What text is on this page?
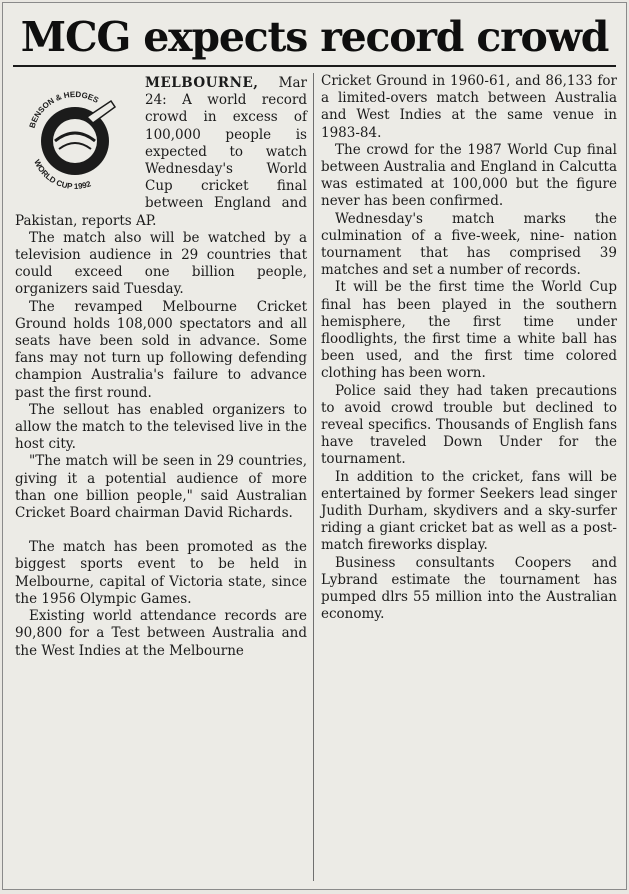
MCG expects record crowd
BENSON & HEDGES
WORLD CUP 1992

MELBOURNE, Mar 24: A world record crowd in excess of 100,000 people is expected to watch Wednesday's World Cup cricket final between England and Pakistan, reports AP.

The match also will be watched by a television audience in 29 countries that could exceed one billion people, organizers said Tuesday.

The revamped Melbourne Cricket Ground holds 108,000 spectators and all seats have been sold in advance. Some fans may not turn up following defending champion Australia's failure to advance past the first round.

The sellout has enabled organizers to allow the match to the televised live in the host city.

"The match will be seen in 29 countries, giving it a potential audience of more than one billion people," said Australian Cricket Board chairman David Richards.

The match has been promoted as the biggest sports event to be held in Melbourne, capital of Victoria state, since the 1956 Olympic Games.

Existing world attendance records are 90,800 for a Test between Australia and the West Indies at the Melbourne

Cricket Ground in 1960-61, and 86,133 for a limited-overs match between Australia and West Indies at the same venue in 1983-84.

The crowd for the 1987 World Cup final between Australia and England in Calcutta was estimated at 100,000 but the figure never has been confirmed.

Wednesday's match marks the culmination of a five-week, nine- nation tournament that has comprised 39 matches and set a number of records.

It will be the first time the World Cup final has been played in the southern hemisphere, the first time under floodlights, the first time a white ball has been used, and the first time colored clothing has been worn.

Police said they had taken precautions to avoid crowd trouble but declined to reveal specifics. Thousands of English fans have traveled Down Under for the tournament.

In addition to the cricket, fans will be entertained by former Seekers lead singer Judith Durham, skydivers and a sky-surfer riding a giant cricket bat as well as a post-match fireworks display.

Business consultants Coopers and Lybrand estimate the tournament has pumped dlrs 55 million into the Australian economy.
